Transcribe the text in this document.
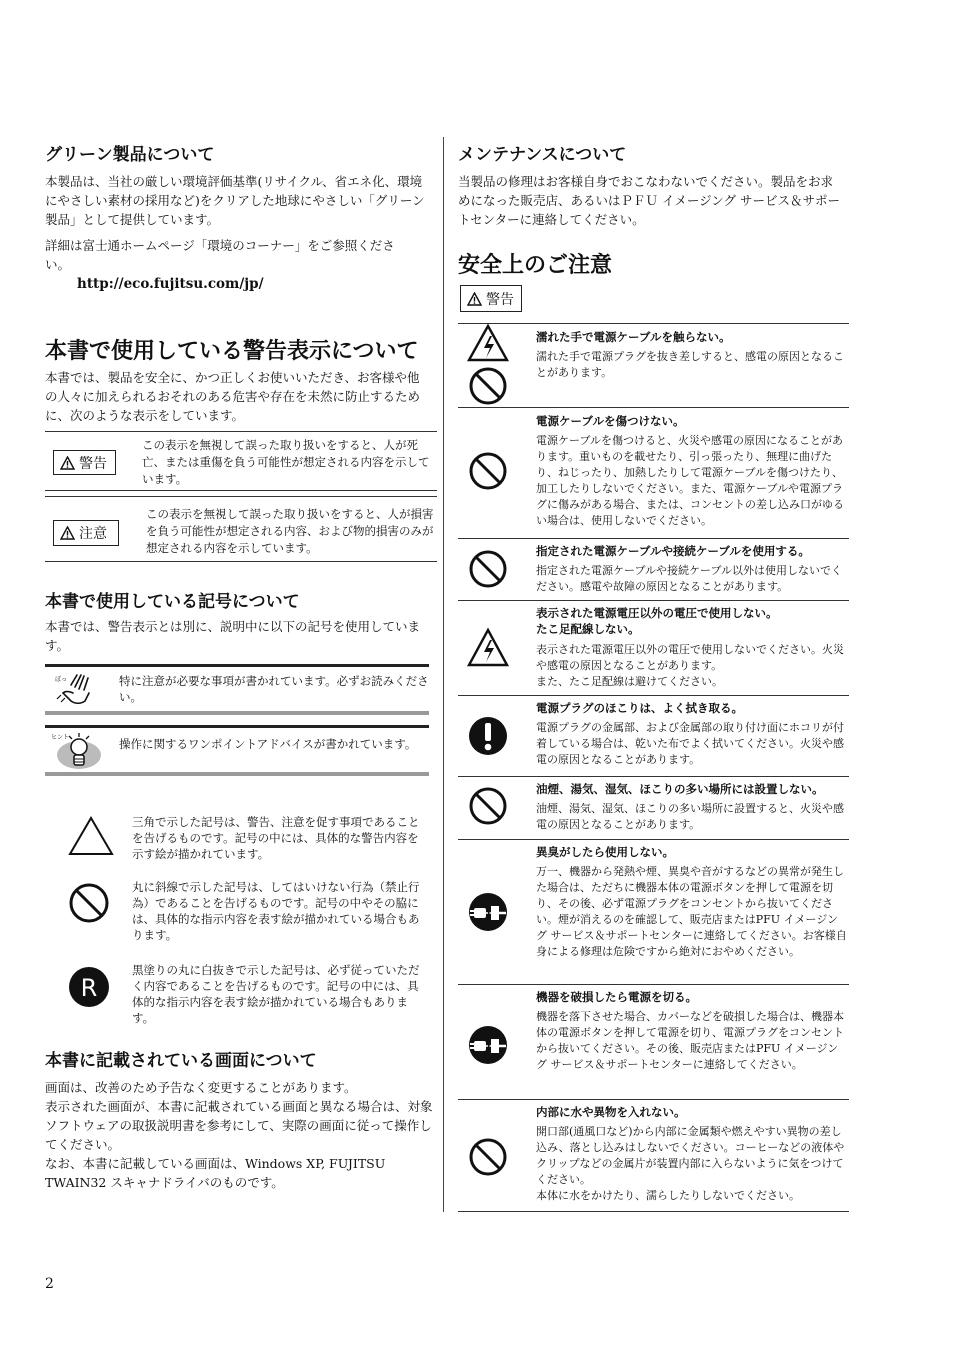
グリーン製品について

本製品は、当社の厳しい環境評価基準(リサイクル、省エネ化、環境にやさしい素材の採用など)をクリアした地球にやさしい「グリーン製品」として提供しています。

詳細は富士通ホームページ「環境のコーナー」をご参照ください。

http://eco.fujitsu.com/jp/
本書で使用している警告表示について

本書では、製品を安全に、かつ正しくお使いいただき、お客様や他の人々に加えられるおそれのある危害や存在を未然に防止するために、次のような表示をしています。

警告

この表示を無視して誤った取り扱いをすると、人が死亡、または重傷を負う可能性が想定される内容を示しています。

注意

この表示を無視して誤った取り扱いをすると、人が損害を負う可能性が想定される内容、および物的損害のみが想定される内容を示しています。

本書で使用している記号について

本書では、警告表示とは別に、説明中に以下の記号を使用しています。

ぽっ	特に注意が必要な事項が書かれています。必ずお読みください。

ヒント	操作に関するワンポイントアドバイスが書かれています。

三角で示した記号は、警告、注意を促す事項であることを告げるものです。記号の中には、具体的な警告内容を示す絵が描かれています。

丸に斜線で示した記号は、してはいけない行為（禁止行為）であることを告げるものです。記号の中やその脇には、具体的な指示内容を表す絵が描かれている場合もあります。

R

黒塗りの丸に白抜きで示した記号は、必ず従っていただく内容であることを告げるものです。記号の中には、具体的な指示内容を表す絵が描かれている場合もあります。

本書に記載されている画面について

画面は、改善のため予告なく変更することがあります。

表示された画面が、本書に記載されている画面と異なる場合は、対象ソフトウェアの取扱説明書を参考にして、実際の画面に従って操作してください。

なお、本書に記載している画面は、Windows XP, FUJITSU TWAIN32 スキャナドライバのものです。

メンテナンスについて

当製品の修理はお客様自身でおこなわないでください。製品をお求めになった販売店、あるいはＰＦＵ イメージング サービス＆サポートセンターに連絡してください。

安全上のご注意
警告

濡れた手で電源ケーブルを触らない。

濡れた手で電源プラグを抜き差しすると、感電の原因となることがあります。

電源ケーブルを傷つけない。

電源ケーブルを傷つけると、火災や感電の原因になることがあります。重いものを載せたり、引っ張ったり、無理に曲げたり、ねじったり、加熱したりして電源ケーブルを傷つけたり、加工したりしないでください。また、電源ケーブルや電源プラグに傷みがある場合、または、コンセントの差し込み口がゆるい場合は、使用しないでください。

指定された電源ケーブルや接続ケーブルを使用する。

指定された電源ケーブルや接続ケーブル以外は使用しないでください。感電や故障の原因となることがあります。

表示された電源電圧以外の電圧で使用しない。
たこ足配線しない。

表示された電源電圧以外の電圧で使用しないでください。火災や感電の原因となることがあります。
また、たこ足配線は避けてください。

電源プラグのほこりは、よく拭き取る。

電源プラグの金属部、および金属部の取り付け面にホコリが付着している場合は、乾いた布でよく拭いてください。火災や感電の原因となることがあります。

油煙、湯気、湿気、ほこりの多い場所には設置しない。

油煙、湯気、湿気、ほこりの多い場所に設置すると、火災や感電の原因となることがあります。

異臭がしたら使用しない。

万一、機器から発熱や煙、異臭や音がするなどの異常が発生した場合は、ただちに機器本体の電源ボタンを押して電源を切り、その後、必ず電源プラグをコンセントから抜いてください。煙が消えるのを確認して、販売店またはPFU イメージング サービス＆サポートセンターに連絡してください。お客様自身による修理は危険ですから絶対におやめください。

機器を破損したら電源を切る。

機器を落下させた場合、カバーなどを破損した場合は、機器本体の電源ボタンを押して電源を切り、電源プラグをコンセントから抜いてください。その後、販売店またはPFU イメージング サービス＆サポートセンターに連絡してください。

内部に水や異物を入れない。

開口部(通風口など)から内部に金属類や燃えやすい異物の差し込み、落とし込みはしないでください。コーヒーなどの液体やクリップなどの金属片が装置内部に入らないように気をつけてください。
本体に水をかけたり、濡らしたりしないでください。

2
